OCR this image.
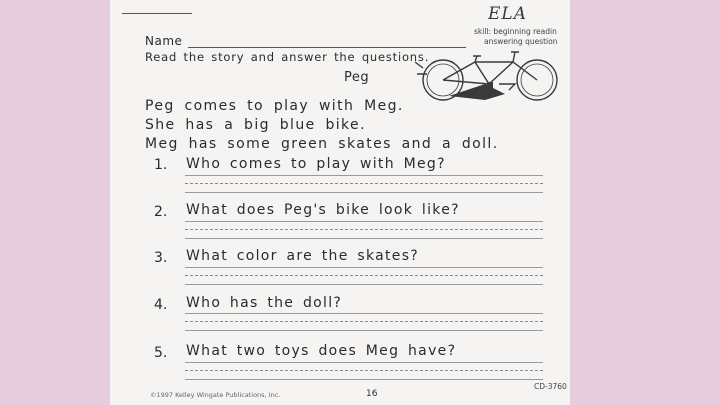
ELA
skill: beginning readin
answering question
Name
Read the story and answer the questions.
Peg
Peg comes to play with Meg.
She has a big blue bike.
Meg has some green skates and a doll.
1. Who comes to play with Meg?
2. What does Peg's bike look like?
3. What color are the skates?
4. Who has the doll?
5. What two toys does Meg have?
©1997 Kelley Wingate Publications, Inc.	16
CD-3760
